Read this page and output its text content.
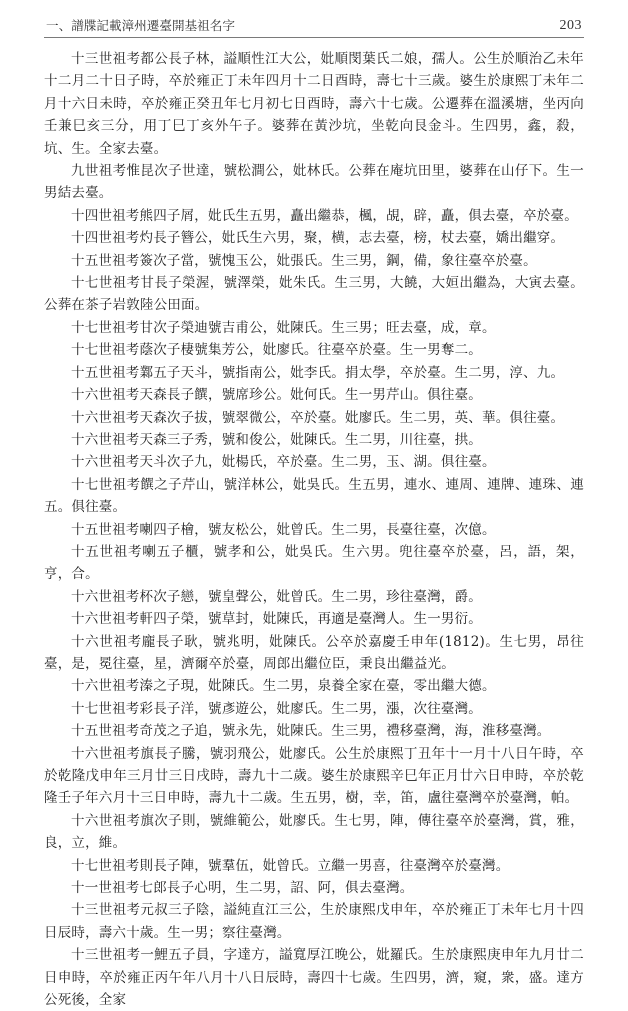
一、譜牒記載漳州遷臺開基祖名字	203

十三世祖考都公長子林，謚順性江大公，妣順閔葉氏二娘，孺人。公生於順治乙未年十二月二十日子時，卒於雍正丁未年四月十二日酉時，壽七十三歲。婆生於康熙丁未年二月十六日未時，卒於雍正癸丑年七月初七日酉時，壽六十七歲。公遷葬在溫溪塘，坐丙向壬兼巳亥三分，用丁巳丁亥外午子。婆葬在黃沙坑，坐乾向艮金斗。生四男，鑫，殺，坑、生。全家去臺。

九世祖考惟昆次子世達，號松澗公，妣林氏。公葬在庵坑田里，婆葬在山仔下。生一男結去臺。

十四世祖考熊四子屑，妣氏生五男，矗出繼恭，楓，覘，辟，矗，俱去臺，卒於臺。

十四世祖考灼長子簪公，妣氏生六男，聚，横，志去臺，榜，杖去臺，嬌出繼穿。

十五世祖考簽次子當，號愧玉公，妣張氏。生三男，鋼，備，象往臺卒於臺。

十七世祖考甘長子榮渥，號澤榮，妣朱氏。生三男，大饒，大姮出繼為，大寅去臺。公葬在茶子岩敦陸公田面。

十七世祖考甘次子榮迪號吉甫公，妣陳氏。生三男；旺去臺，成，章。

十七世祖考蔭次子棲號集芳公，妣廖氏。往臺卒於臺。生一男奪二。

十五世祖考鄴五子天斗，號指南公，妣李氏。捐太學，卒於臺。生二男，淳、九。

十六世祖考天森長子饌，號席珍公。妣何氏。生一男芹山。俱往臺。

十六世祖考天森次子拔，號翠微公，卒於臺。妣廖氏。生二男，英、華。俱往臺。

十六世祖考天森三子秀，號和俊公，妣陳氏。生二男，川往臺，拱。

十六世祖考天斗次子九，妣楊氏，卒於臺。生二男，玉、湖。俱往臺。

十七世祖考饌之子芹山，號洋林公，妣吳氏。生五男，連水、連周、連牌、連珠、連五。俱往臺。

十五世祖考喇四子檜，號友松公，妣曾氏。生二男，長臺往臺，次億。

十五世祖考喇五子櫃，號孝和公，妣吳氏。生六男。兜往臺卒於臺，呂，語，架，亨，合。

十六世祖考杯次子戀，號皇聲公，妣曾氏。生二男，珍往臺灣，爵。

十六世祖考軒四子榮，號草封，妣陳氏，再適是臺灣人。生一男衍。

十六世祖考龐長子耿，號兆明，妣陳氏。公卒於嘉慶壬申年(1812)。生七男，昂往臺，是，冕往臺，星，濟爾卒於臺，周郎出繼位臣，秉良出繼益光。

十六世祖考溱之子現，妣陳氏。生二男，泉養全家在臺，零出繼大德。

十七世祖考彩長子洋，號彥遊公，妣廖氏。生二男，漲，次往臺灣。

十五世祖考奇茂之子追，號永先，妣陳氏。生三男，禮移臺灣，海，淮移臺灣。

十六世祖考旗長子騰，號羽飛公，妣廖氏。公生於康熙丁丑年十一月十八日午時，卒於乾隆戊申年三月廿三日戌時，壽九十二歲。婆生於康熙辛巳年正月廿六日申時，卒於乾隆壬子年六月十三日申時，壽九十二歲。生五男，樹，幸，笛，盧往臺灣卒於臺灣，帕。

十六世祖考旗次子則，號維範公，妣廖氏。生七男，陣，傳往臺卒於臺灣，賞，雅，良，立，維。

十七世祖考則長子陣，號羣伍，妣曾氏。立繼一男喜，往臺灣卒於臺灣。

十一世祖考七郎長子心明，生二男，詔、阿，俱去臺灣。

十三世祖考元叔三子陰，謚純直江三公，生於康熙戊申年，卒於雍正丁未年七月十四日辰時，壽六十歲。生一男；察往臺灣。

十三世祖考一鯉五子員，字達方，謚寬厚江晚公，妣羅氏。生於康熙庚申年九月廿二日申時，卒於雍正丙午年八月十八日辰時，壽四十七歲。生四男，濟，窺，衆，盛。達方公死後，全家
